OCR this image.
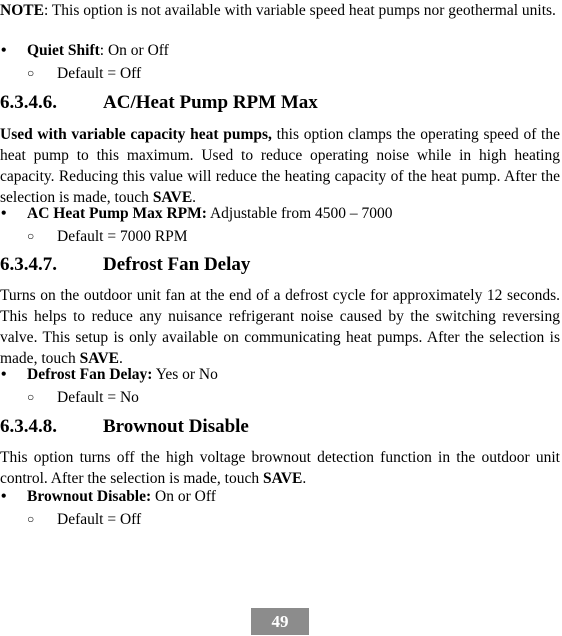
NOTE: This option is not available with variable speed heat pumps nor geothermal units.

• Quiet Shift: On or Off
○ Default = Off
6.3.4.6. AC/Heat Pump RPM Max

Used with variable capacity heat pumps, this option clamps the operating speed of the heat pump to this maximum. Used to reduce operating noise while in high heating capacity. Reducing this value will reduce the heating capacity of the heat pump. After the selection is made, touch SAVE.

• AC Heat Pump Max RPM: Adjustable from 4500 – 7000
○ Default = 7000 RPM
6.3.4.7. Defrost Fan Delay

Turns on the outdoor unit fan at the end of a defrost cycle for approximately 12 seconds. This helps to reduce any nuisance refrigerant noise caused by the switching reversing valve. This setup is only available on communicating heat pumps. After the selection is made, touch SAVE.

• Defrost Fan Delay: Yes or No
○ Default = No
6.3.4.8. Brownout Disable

This option turns off the high voltage brownout detection function in the outdoor unit control. After the selection is made, touch SAVE.

• Brownout Disable: On or Off
○ Default = Off
49
